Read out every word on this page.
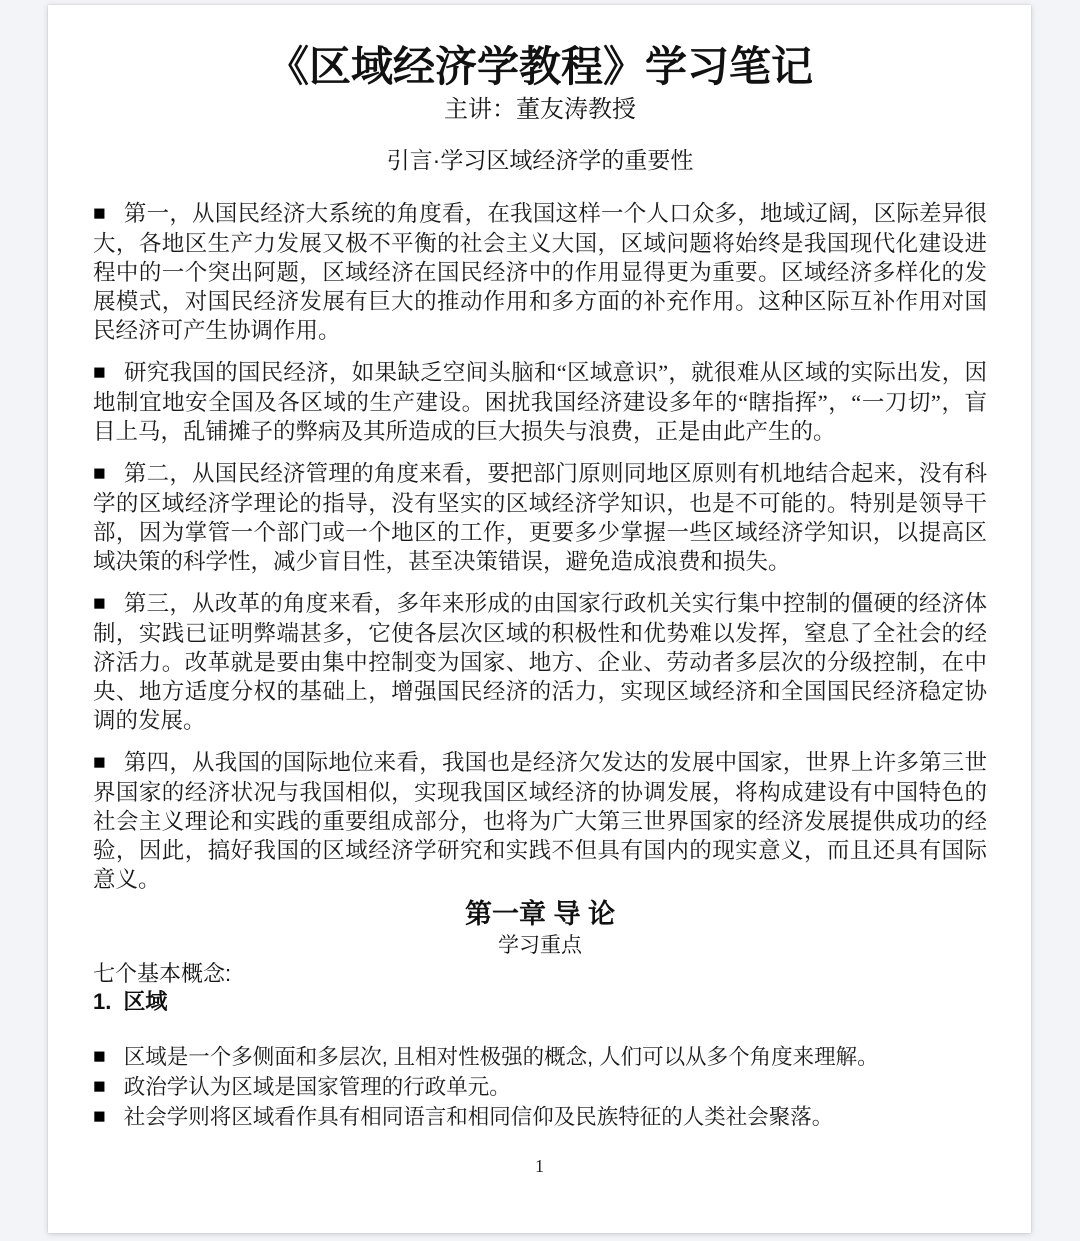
《区域经济学教程》学习笔记
主讲：董友涛教授
引言·学习区域经济学的重要性

■ 第一，从国民经济大系统的角度看，在我国这样一个人口众多，地域辽阔，区际差异很大，各地区生产力发展又极不平衡的社会主义大国，区域问题将始终是我国现代化建设进程中的一个突出阿题，区域经济在国民经济中的作用显得更为重要。区域经济多样化的发展模式，对国民经济发展有巨大的推动作用和多方面的补充作用。这种区际互补作用对国民经济可产生协调作用。

■ 研究我国的国民经济，如果缺乏空间头脑和“区域意识”，就很难从区域的实际出发，因地制宜地安全国及各区域的生产建设。困扰我国经济建设多年的“瞎指挥”，“一刀切”，盲目上马，乱铺摊子的弊病及其所造成的巨大损失与浪费，正是由此产生的。

■ 第二，从国民经济管理的角度来看，要把部门原则同地区原则有机地结合起来，没有科学的区域经济学理论的指导，没有坚实的区域经济学知识，也是不可能的。特别是领导干部，因为掌管一个部门或一个地区的工作，更要多少掌握一些区域经济学知识，以提高区域决策的科学性，减少盲目性，甚至决策错误，避免造成浪费和损失。

■ 第三，从改革的角度来看，多年来形成的由国家行政机关实行集中控制的僵硬的经济体制，实践已证明弊端甚多，它使各层次区域的积极性和优势难以发挥，窒息了全社会的经济活力。改革就是要由集中控制变为国家、地方、企业、劳动者多层次的分级控制，在中央、地方适度分权的基础上，增强国民经济的活力，实现区域经济和全国国民经济稳定协调的发展。

■ 第四，从我国的国际地位来看，我国也是经济欠发达的发展中国家，世界上许多第三世界国家的经济状况与我国相似，实现我国区域经济的协调发展，将构成建设有中国特色的社会主义理论和实践的重要组成部分，也将为广大第三世界国家的经济发展提供成功的经验，因此，搞好我国的区域经济学研究和实践不但具有国内的现实意义，而且还具有国际意义。

第一章 导 论
学习重点
七个基本概念:
1. 区域

■ 区域是一个多侧面和多层次, 且相对性极强的概念, 人们可以从多个角度来理解。

■ 政治学认为区域是国家管理的行政单元。

■ 社会学则将区域看作具有相同语言和相同信仰及民族特征的人类社会聚落。

1
